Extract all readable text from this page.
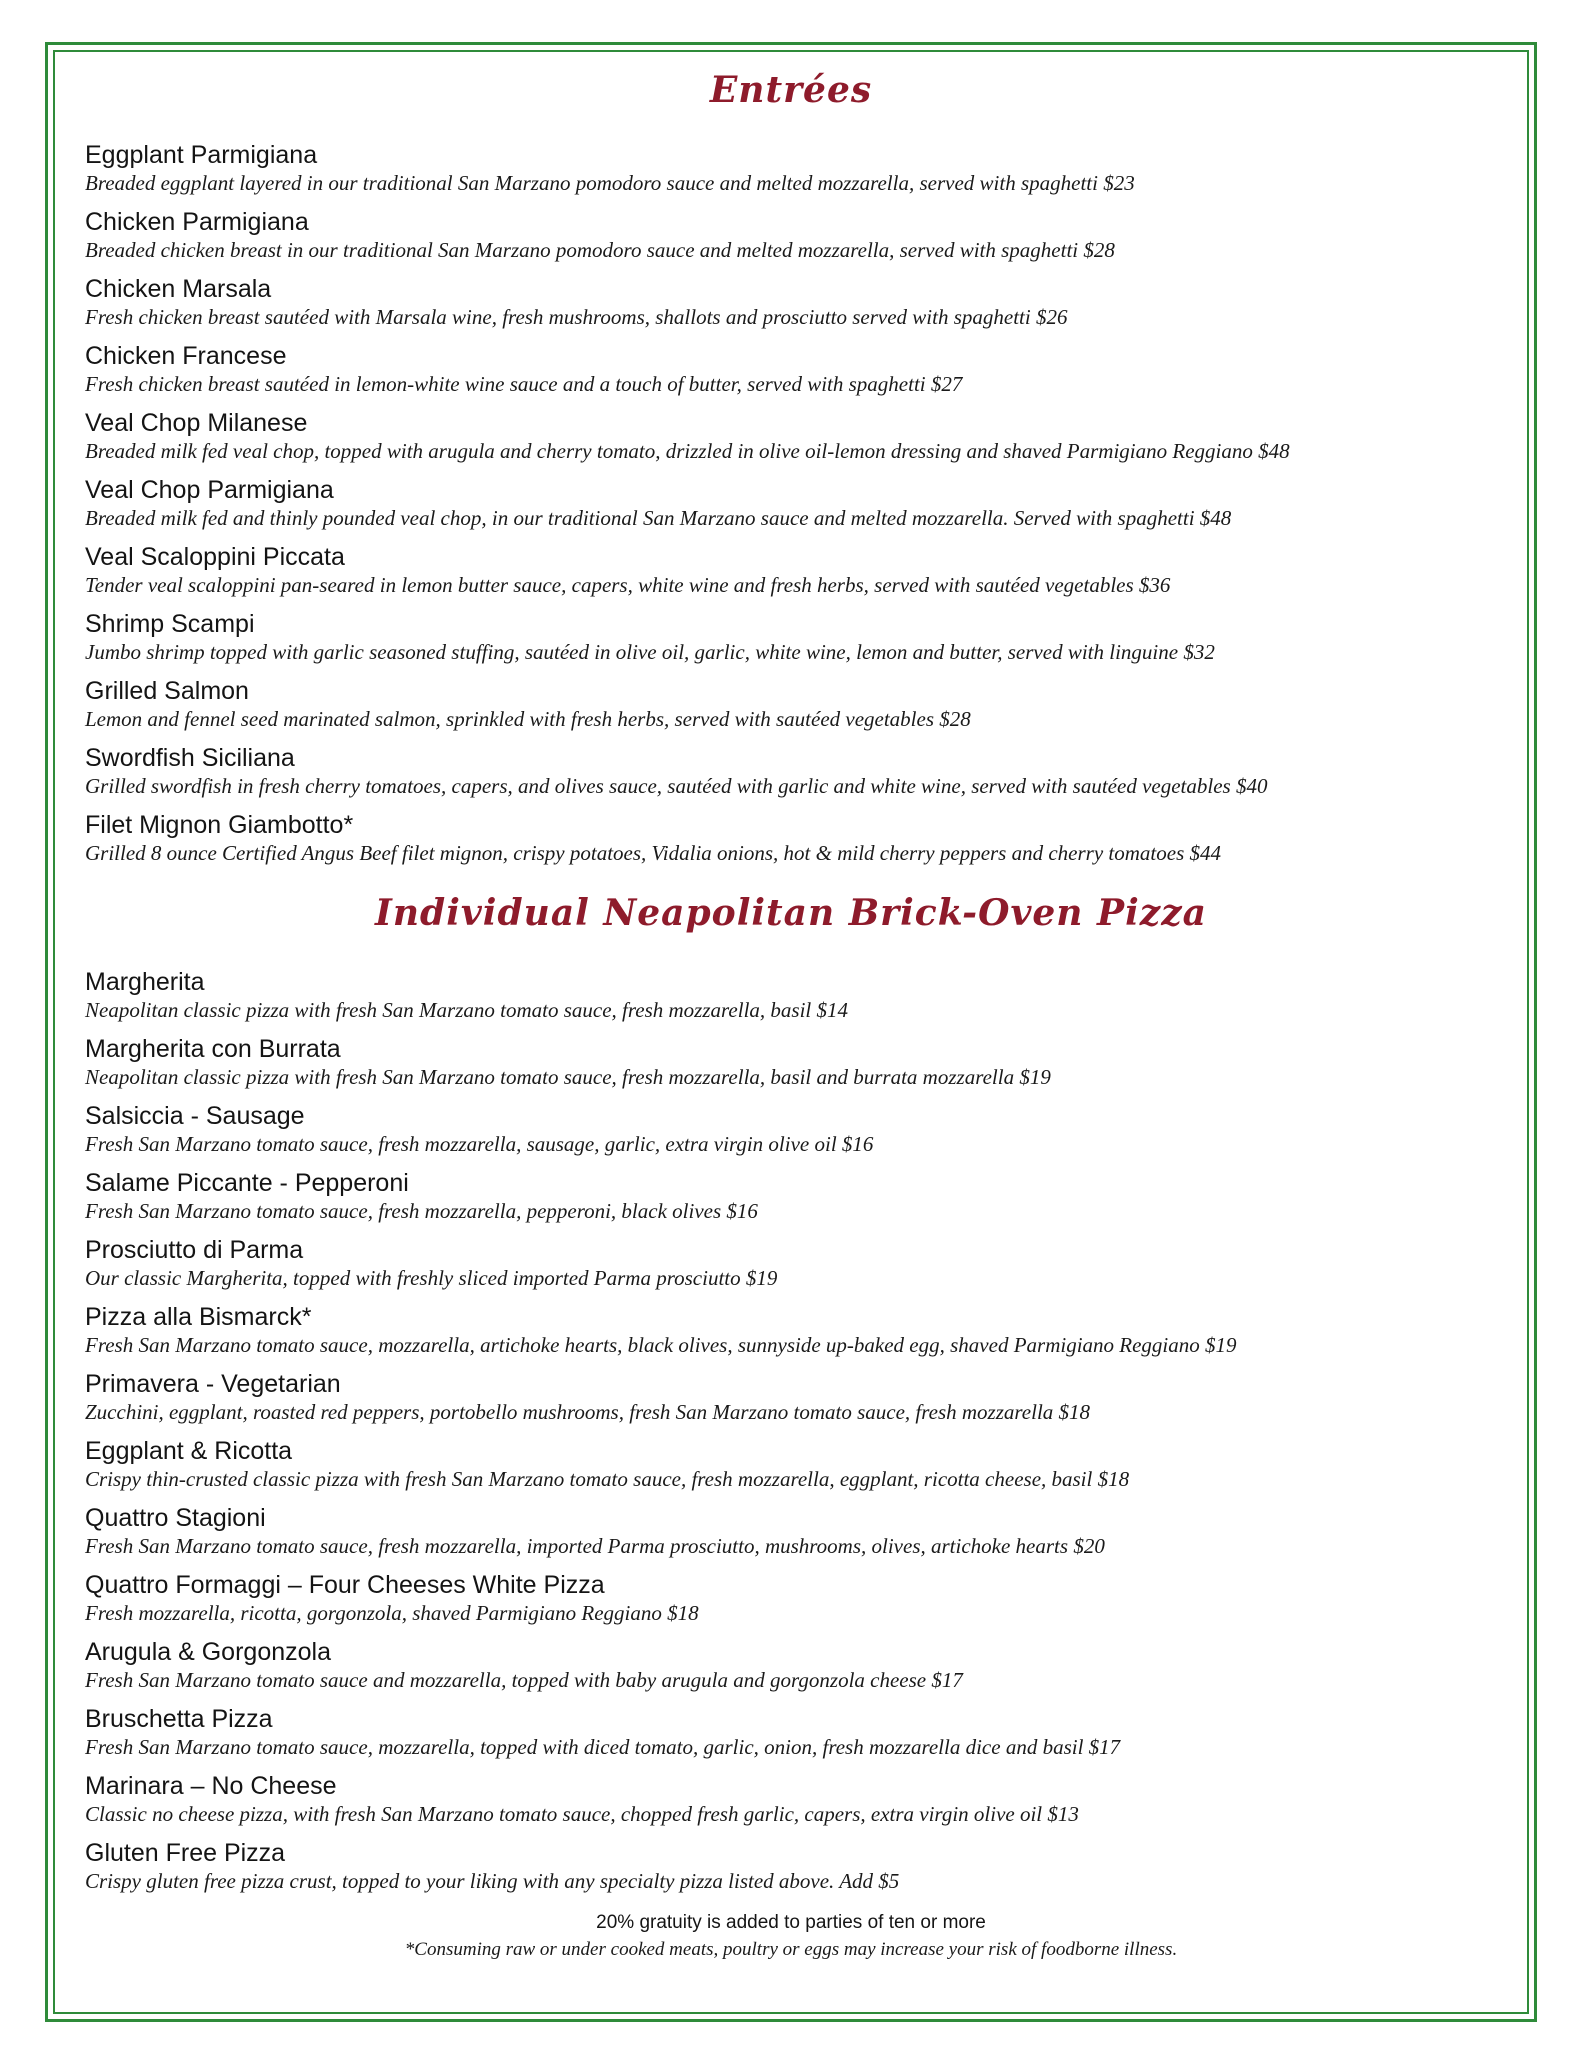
Entrées
Eggplant Parmigiana
Breaded eggplant layered in our traditional San Marzano pomodoro sauce and melted mozzarella, served with spaghetti $23
Chicken Parmigiana
Breaded chicken breast in our traditional San Marzano pomodoro sauce and melted mozzarella, served with spaghetti $28
Chicken Marsala
Fresh chicken breast sautéed with Marsala wine, fresh mushrooms, shallots and prosciutto served with spaghetti $26
Chicken Francese
Fresh chicken breast sautéed in lemon-white wine sauce and a touch of butter, served with spaghetti $27
Veal Chop Milanese
Breaded milk fed veal chop, topped with arugula and cherry tomato, drizzled in olive oil-lemon dressing and shaved Parmigiano Reggiano $48
Veal Chop Parmigiana
Breaded milk fed and thinly pounded veal chop, in our traditional San Marzano sauce and melted mozzarella. Served with spaghetti $48
Veal Scaloppini Piccata
Tender veal scaloppini pan-seared in lemon butter sauce, capers, white wine and fresh herbs, served with sautéed vegetables $36
Shrimp Scampi
Jumbo shrimp topped with garlic seasoned stuffing, sautéed in olive oil, garlic, white wine, lemon and butter, served with linguine $32
Grilled Salmon
Lemon and fennel seed marinated salmon, sprinkled with fresh herbs, served with sautéed vegetables $28
Swordfish Siciliana
Grilled swordfish in fresh cherry tomatoes, capers, and olives sauce, sautéed with garlic and white wine, served with sautéed vegetables $40
Filet Mignon Giambotto*
Grilled 8 ounce Certified Angus Beef filet mignon, crispy potatoes, Vidalia onions, hot & mild cherry peppers and cherry tomatoes $44
Individual Neapolitan Brick-Oven Pizza
Margherita
Neapolitan classic pizza with fresh San Marzano tomato sauce, fresh mozzarella, basil $14
Margherita con Burrata
Neapolitan classic pizza with fresh San Marzano tomato sauce, fresh mozzarella, basil and burrata mozzarella $19
Salsiccia - Sausage
Fresh San Marzano tomato sauce, fresh mozzarella, sausage, garlic, extra virgin olive oil $16
Salame Piccante - Pepperoni
Fresh San Marzano tomato sauce, fresh mozzarella, pepperoni, black olives $16
Prosciutto di Parma
Our classic Margherita, topped with freshly sliced imported Parma prosciutto $19
Pizza alla Bismarck*
Fresh San Marzano tomato sauce, mozzarella, artichoke hearts, black olives, sunnyside up-baked egg, shaved Parmigiano Reggiano $19
Primavera - Vegetarian
Zucchini, eggplant, roasted red peppers, portobello mushrooms, fresh San Marzano tomato sauce, fresh mozzarella $18
Eggplant & Ricotta
Crispy thin-crusted classic pizza with fresh San Marzano tomato sauce, fresh mozzarella, eggplant, ricotta cheese, basil $18
Quattro Stagioni
Fresh San Marzano tomato sauce, fresh mozzarella, imported Parma prosciutto, mushrooms, olives, artichoke hearts $20
Quattro Formaggi – Four Cheeses White Pizza
Fresh mozzarella, ricotta, gorgonzola, shaved Parmigiano Reggiano $18
Arugula & Gorgonzola
Fresh San Marzano tomato sauce and mozzarella, topped with baby arugula and gorgonzola cheese $17
Bruschetta Pizza
Fresh San Marzano tomato sauce, mozzarella, topped with diced tomato, garlic, onion, fresh mozzarella dice and basil $17
Marinara – No Cheese
Classic no cheese pizza, with fresh San Marzano tomato sauce, chopped fresh garlic, capers, extra virgin olive oil $13
Gluten Free Pizza
Crispy gluten free pizza crust, topped to your liking with any specialty pizza listed above. Add $5
20% gratuity is added to parties of ten or more
*Consuming raw or under cooked meats, poultry or eggs may increase your risk of foodborne illness.
